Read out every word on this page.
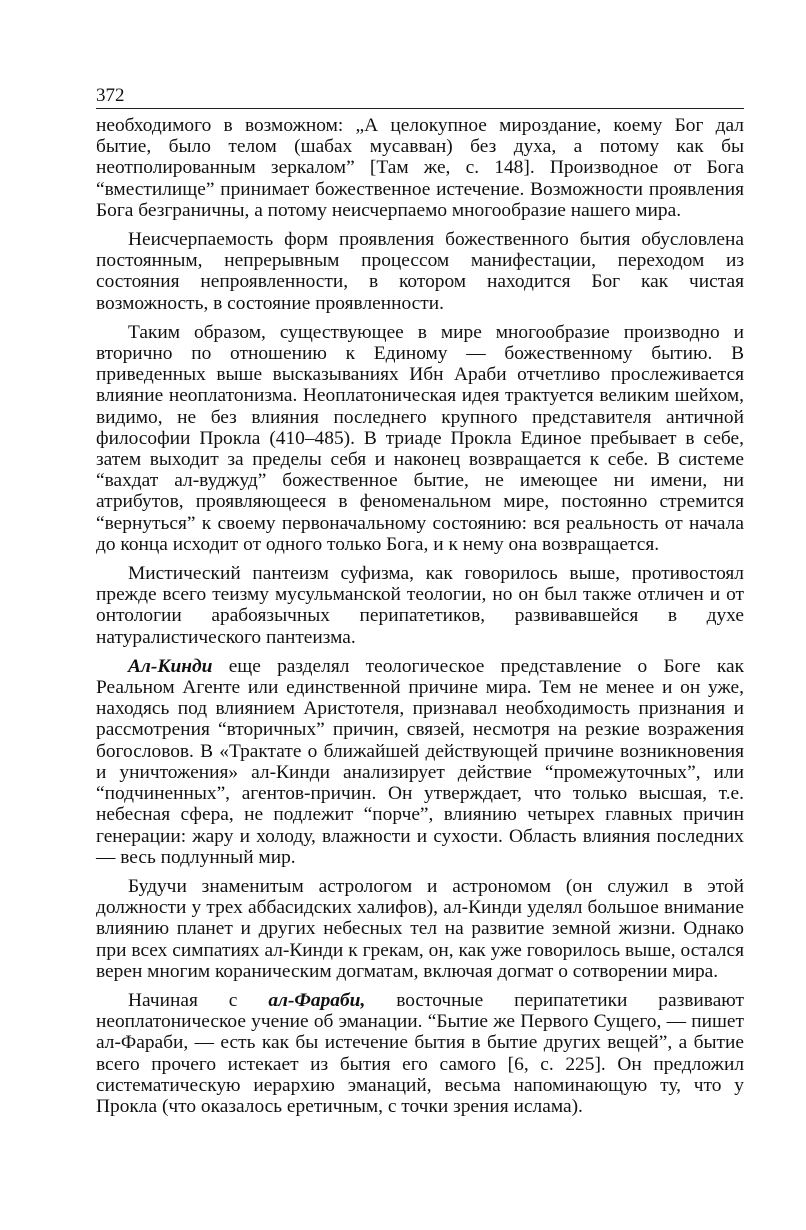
372

необходимого в возможном: „А целокупное мироздание, коему Бог дал бытие, было телом (шабах мусавван) без духа, а потому как бы неотполированным зеркалом” [Там же, с. 148]. Производное от Бога “вместилище” принимает божественное истечение. Возможности проявления Бога безграничны, а потому неисчерпаемо многообразие нашего мира.

Неисчерпаемость форм проявления божественного бытия обусловлена постоянным, непрерывным процессом манифестации, переходом из состояния непроявленности, в котором находится Бог как чистая возможность, в состояние проявленности.

Таким образом, существующее в мире многообразие производно и вторично по отношению к Единому — божественному бытию. В приведенных выше высказываниях Ибн Араби отчетливо прослеживается влияние неоплатонизма. Неоплатоническая идея трактуется великим шейхом, видимо, не без влияния последнего крупного представителя античной философии Прокла (410–485). В триаде Прокла Единое пребывает в себе, затем выходит за пределы себя и наконец возвращается к себе. В системе “вахдат ал-вуджуд” божественное бытие, не имеющее ни имени, ни атрибутов, проявляющееся в феноменальном мире, постоянно стремится “вернуться” к своему первоначальному состоянию: вся реальность от начала до конца исходит от одного только Бога, и к нему она возвращается.

Мистический пантеизм суфизма, как говорилось выше, противостоял прежде всего теизму мусульманской теологии, но он был также отличен и от онтологии арабоязычных перипатетиков, развивавшейся в духе натуралистического пантеизма.

Ал-Кинди еще разделял теологическое представление о Боге как Реальном Агенте или единственной причине мира. Тем не менее и он уже, находясь под влиянием Аристотеля, признавал необходимость признания и рассмотрения “вторичных” причин, связей, несмотря на резкие возражения богословов. В «Трактате о ближайшей действующей причине возникновения и уничтожения» ал-Кинди анализирует действие “промежуточных”, или “подчиненных”, агентов-причин. Он утверждает, что только высшая, т.е. небесная сфера, не подлежит “порче”, влиянию четырех главных причин генерации: жару и холоду, влажности и сухости. Область влияния последних — весь подлунный мир.

Будучи знаменитым астрологом и астрономом (он служил в этой должности у трех аббасидских халифов), ал-Кинди уделял большое внимание влиянию планет и других небесных тел на развитие земной жизни. Однако при всех симпатиях ал-Кинди к грекам, он, как уже говорилось выше, остался верен многим кораническим догматам, включая догмат о сотворении мира.

Начиная с ал-Фараби, восточные перипатетики развивают неоплатоническое учение об эманации. “Бытие же Первого Сущего, — пишет ал-Фараби, — есть как бы истечение бытия в бытие других вещей”, а бытие всего прочего истекает из бытия его самого [6, с. 225]. Он предложил систематическую иерархию эманаций, весьма напоминающую ту, что у Прокла (что оказалось еретичным, с точки зрения ислама).
